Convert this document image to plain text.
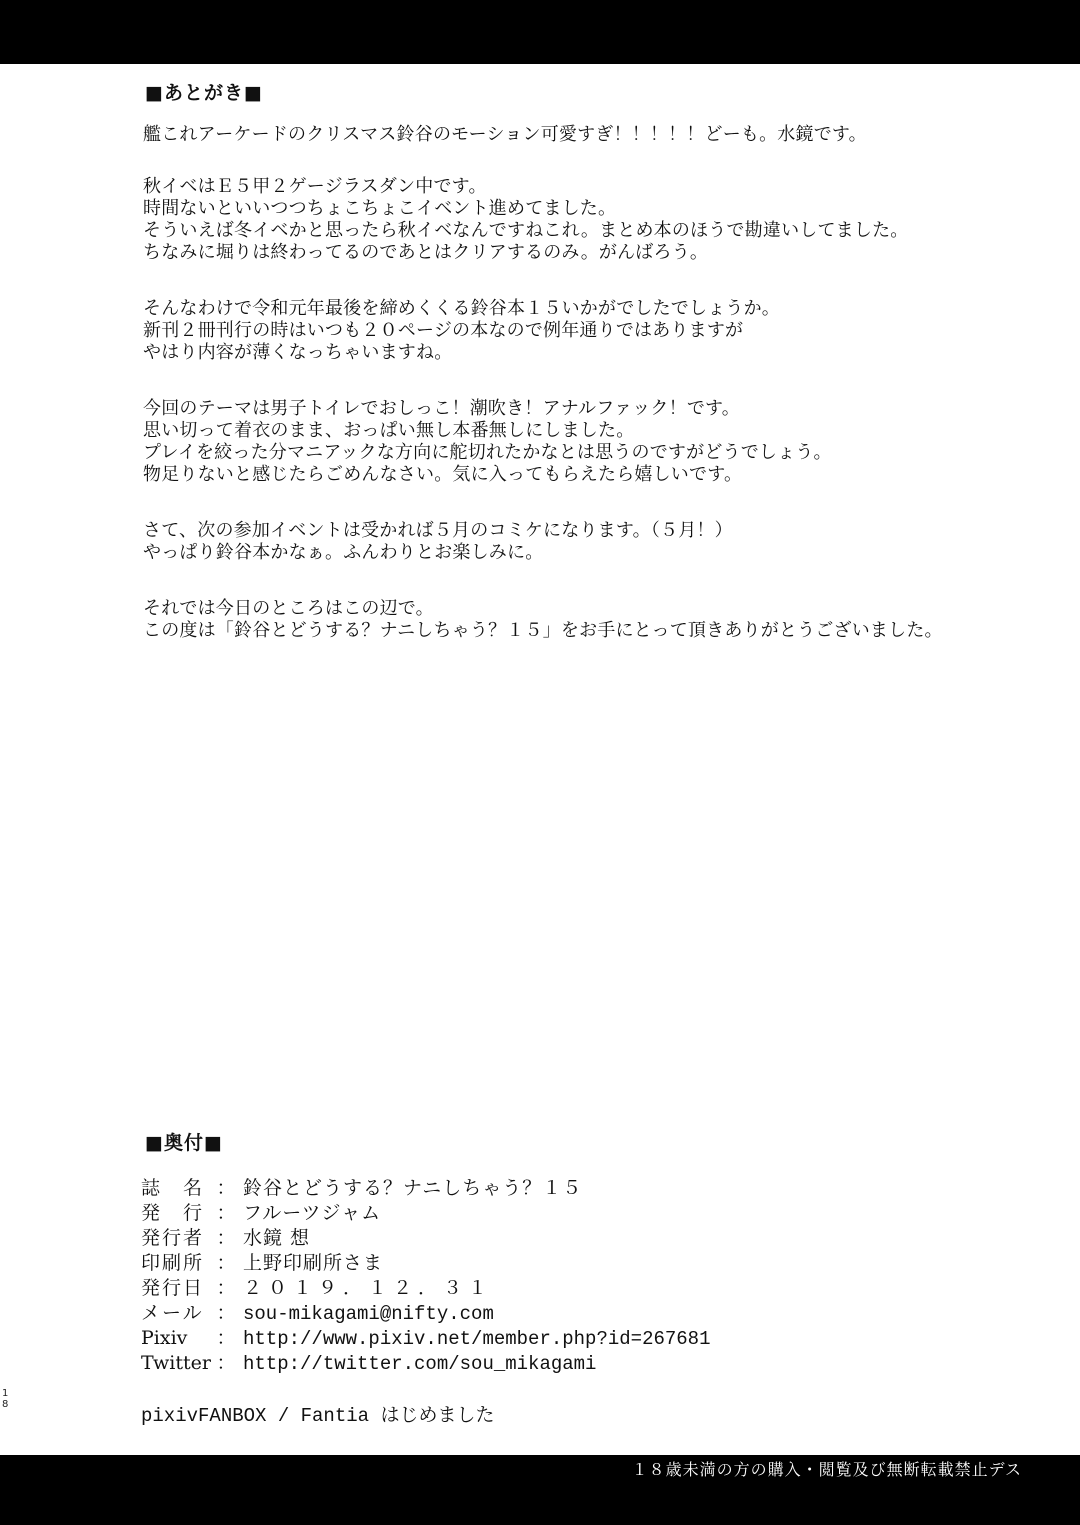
■あとがき■
艦これアーケードのクリスマス鈴谷のモーション可愛すぎ！！！！！どーも。水鏡です。
秋イベはＥ５甲２ゲージラスダン中です。
時間ないといいつつちょこちょこイベント進めてました。
そういえば冬イベかと思ったら秋イベなんですねこれ。まとめ本のほうで勘違いしてました。
ちなみに堀りは終わってるのであとはクリアするのみ。がんばろう。
そんなわけで令和元年最後を締めくくる鈴谷本１５いかがでしたでしょうか。
新刊２冊刊行の時はいつも２０ページの本なので例年通りではありますが
やはり内容が薄くなっちゃいますね。
今回のテーマは男子トイレでおしっこ！潮吹き！アナルファック！です。
思い切って着衣のまま、おっぱい無し本番無しにしました。
プレイを絞った分マニアックな方向に舵切れたかなとは思うのですがどうでしょう。
物足りないと感じたらごめんなさい。気に入ってもらえたら嬉しいです。
さて、次の参加イベントは受かれば５月のコミケになります。（５月！）
やっぱり鈴谷本かなぁ。ふんわりとお楽しみに。
それでは今日のところはこの辺で。
この度は「鈴谷とどうする？ナニしちゃう？１５」をお手にとって頂きありがとうございました。
■奥付■
誌　名 ： 鈴谷とどうする？ナニしちゃう？１５
発　行 ： フルーツジャム
発行者 ： 水鏡 想
印刷所 ： 上野印刷所さま
発行日 ： ２０１９．１２．３１
メール ： sou-mikagami@nifty.com
Pixiv	： http://www.pixiv.net/member.php?id=267681
Twitter ： http://twitter.com/sou_mikagami
18
pixivFANBOX / Fantia はじめました
１８歳未満の方の購入・閲覧及び無断転載禁止デス
